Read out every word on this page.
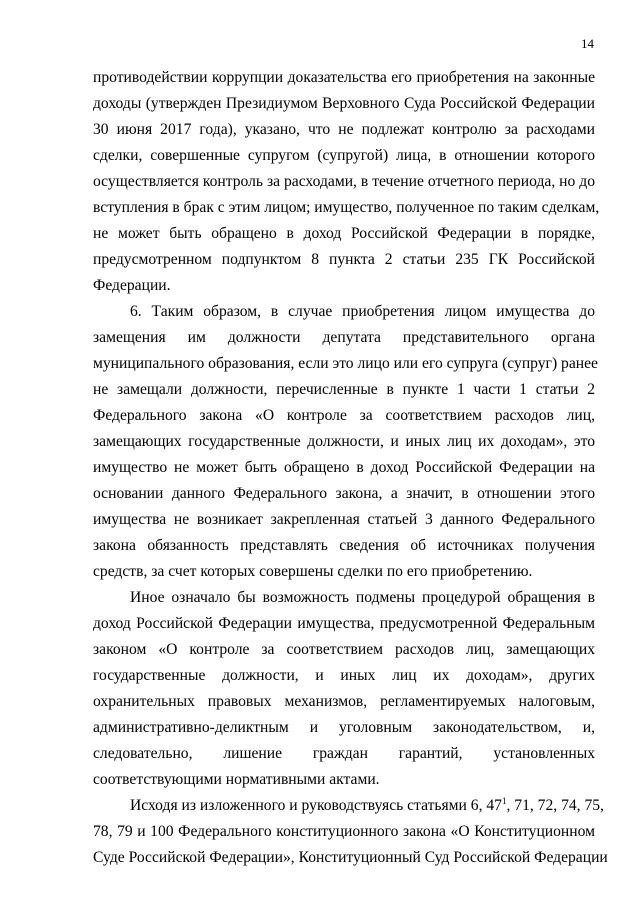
14
противодействии коррупции доказательства его приобретения на законные
доходы (утвержден Президиумом Верховного Суда Российской Федерации
30 июня 2017 года), указано, что не подлежат контролю за расходами
сделки, совершенные супругом (супругой) лица, в отношении которого
осуществляется контроль за расходами, в течение отчетного периода, но до
вступления в брак с этим лицом; имущество, полученное по таким сделкам,
не может быть обращено в доход Российской Федерации в порядке,
предусмотренном подпунктом 8 пункта 2 статьи 235 ГК Российской
Федерации.
6. Таким образом, в случае приобретения лицом имущества до
замещения им должности депутата представительного органа
муниципального образования, если это лицо или его супруга (супруг) ранее
не замещали должности, перечисленные в пункте 1 части 1 статьи 2
Федерального закона «О контроле за соответствием расходов лиц,
замещающих государственные должности, и иных лиц их доходам», это
имущество не может быть обращено в доход Российской Федерации на
основании данного Федерального закона, а значит, в отношении этого
имущества не возникает закрепленная статьей 3 данного Федерального
закона обязанность представлять сведения об источниках получения
средств, за счет которых совершены сделки по его приобретению.
Иное означало бы возможность подмены процедурой обращения в
доход Российской Федерации имущества, предусмотренной Федеральным
законом «О контроле за соответствием расходов лиц, замещающих
государственные должности, и иных лиц их доходам», других
охранительных правовых механизмов, регламентируемых налоговым,
административно-деликтным и уголовным законодательством, и,
следовательно, лишение граждан гарантий, установленных
соответствующими нормативными актами.
Исходя из изложенного и руководствуясь статьями 6, $47^1$, 71, 72, 74, 75,
78, 79 и 100 Федерального конституционного закона «О Конституционном
Суде Российской Федерации», Конституционный Суд Российской Федерации
